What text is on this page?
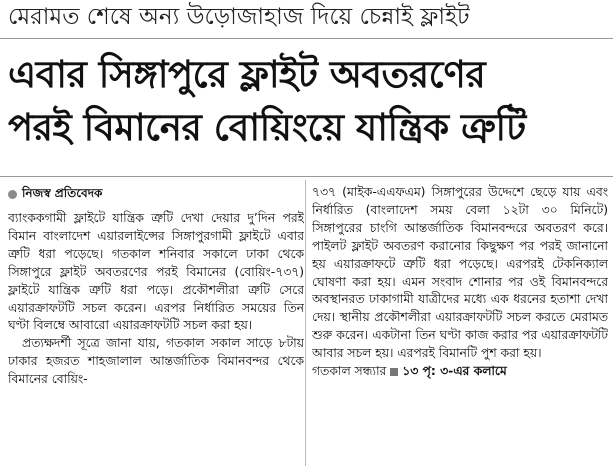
মেরামত শেষে অন্য উড়োজাহাজ দিয়ে চেন্নাই ফ্লাইট
এবার সিঙ্গাপুরে ফ্লাইট অবতরণের
পরই বিমানের বোয়িংয়ে যান্ত্রিক ত্রুটি
নিজস্ব প্রতিবেদক

ব্যাংককগামী ফ্লাইটে যান্ত্রিক ত্রুটি দেখা দেয়ার দু’দিন পরই বিমান বাংলাদেশ এয়ারলাইন্সের সিঙ্গাপুরগামী ফ্লাইটে এবার ত্রুটি ধরা পড়েছে। গতকাল শনিবার সকালে ঢাকা থেকে সিঙ্গাপুরে ফ্লাইট অবতরণের পরই বিমানের (বোয়িং-৭৩৭) ফ্লাইটে যান্ত্রিক ত্রুটি ধরা পড়ে। প্রকৌশলীরা ত্রুটি সেরে এয়ারক্রাফটটি সচল করেন। এরপর নির্ধারিত সময়ের তিন ঘণ্টা বিলম্বে আবারো এয়ারক্রাফটটি সচল করা হয়।

প্রত্যক্ষদর্শী সূত্রে জানা যায়, গতকাল সকাল সাড়ে ৮টায় ঢাকার হজরত শাহজালাল আন্তর্জাতিক বিমানবন্দর থেকে বিমানের বোয়িং-

৭৩৭ (মাইক-এএফএম) সিঙ্গাপুরের উদ্দেশে ছেড়ে যায় এবং নির্ধারিত (বাংলাদেশ সময় বেলা ১২টা ৩০ মিনিটে) সিঙ্গাপুরের চাংগি আন্তর্জাতিক বিমানবন্দরে অবতরণ করে। পাইলট ফ্লাইট অবতরণ করানোর কিছুক্ষণ পর পরই জানানো হয় এয়ারক্রাফটে ত্রুটি ধরা পড়েছে। এরপরই টেকনিক্যাল ঘোষণা করা হয়। এমন সংবাদ শোনার পর ওই বিমানবন্দরে অবস্থানরত ঢাকাগামী যাত্রীদের মধ্যে এক ধরনের হতাশা দেখা দেয়। স্থানীয় প্রকৌশলীরা এয়ারক্রাফটটি সচল করতে মেরামত শুরু করেন। একটানা তিন ঘণ্টা কাজ করার পর এয়ারক্রাফটটি আবার সচল হয়। এরপরই বিমানটি পুশ করা হয়।

গতকাল সন্ধ্যার ১৩ পৃ: ৩-এর কলামে
